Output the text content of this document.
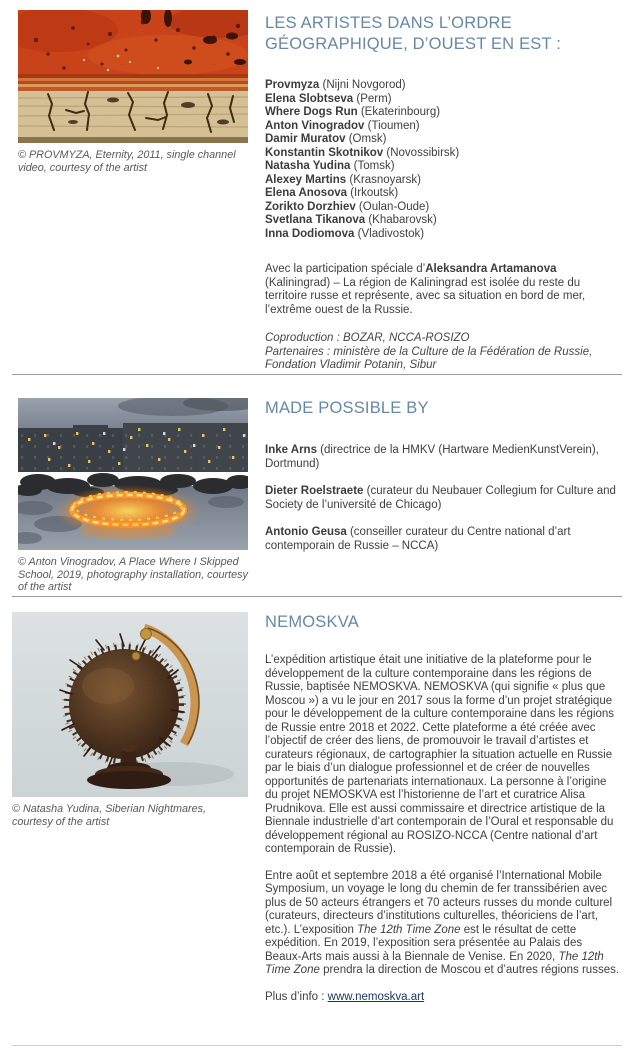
© PROVMYZA, Eternity, 2011, single channel video, courtesy of the artist
LES ARTISTES DANS L’ORDRE GÉOGRAPHIQUE, D’OUEST EN EST :
Provmyza (Nijni Novgorod)
Elena Slobtseva (Perm)
Where Dogs Run (Ekaterinbourg)
Anton Vinogradov (Tioumen)
Damir Muratov (Omsk)
Konstantin Skotnikov (Novossibirsk)
Natasha Yudina (Tomsk)
Alexey Martins (Krasnoyarsk)
Elena Anosova (Irkoutsk)
Zorikto Dorzhiev (Oulan-Oude)
Svetlana Tikanova (Khabarovsk)
Inna Dodiomova (Vladivostok)

Avec la participation spéciale d’Aleksandra Artamanova (Kaliningrad) – La région de Kaliningrad est isolée du reste du territoire russe et représente, avec sa situation en bord de mer, l’extrême ouest de la Russie.

Coproduction : BOZAR, NCCA-ROSIZO

Partenaires : ministère de la Culture de la Fédération de Russie, Fondation Vladimir Potanin, Sibur

© Anton Vinogradov, A Place Where I Skipped School, 2019, photography installation, courtesy of the artist
MADE POSSIBLE BY

Inke Arns (directrice de la HMKV (Hartware MedienKunstVerein), Dortmund)

Dieter Roelstraete (curateur du Neubauer Collegium for Culture and Society de l’université de Chicago)

Antonio Geusa (conseiller curateur du Centre national d’art contemporain de Russie – NCCA)

© Natasha Yudina, Siberian Nightmares, courtesy of the artist
NEMOSKVA

L’expédition artistique était une initiative de la plateforme pour le développement de la culture contemporaine dans les régions de Russie, baptisée NEMOSKVA. NEMOSKVA (qui signifie « plus que Moscou ») a vu le jour en 2017 sous la forme d’un projet stratégique pour le développement de la culture contemporaine dans les régions de Russie entre 2018 et 2022. Cette plateforme a été créée avec l’objectif de créer des liens, de promouvoir le travail d’artistes et curateurs régionaux, de cartographier la situation actuelle en Russie par le biais d’un dialogue professionnel et de créer de nouvelles opportunités de partenariats internationaux. La personne à l’origine du projet NEMOSKVA est l’historienne de l’art et curatrice Alisa Prudnikova. Elle est aussi commissaire et directrice artistique de la Biennale industrielle d’art contemporain de l’Oural et responsable du développement régional au ROSIZO-NCCA (Centre national d’art contemporain de Russie).

Entre août et septembre 2018 a été organisé l’International Mobile Symposium, un voyage le long du chemin de fer transsibérien avec plus de 50 acteurs étrangers et 70 acteurs russes du monde culturel (curateurs, directeurs d’institutions culturelles, théoriciens de l’art, etc.). L’exposition The 12th Time Zone est le résultat de cette expédition. En 2019, l’exposition sera présentée au Palais des Beaux-Arts mais aussi à la Biennale de Venise. En 2020, The 12th Time Zone prendra la direction de Moscou et d’autres régions russes.

Plus d’info : www.nemoskva.art
